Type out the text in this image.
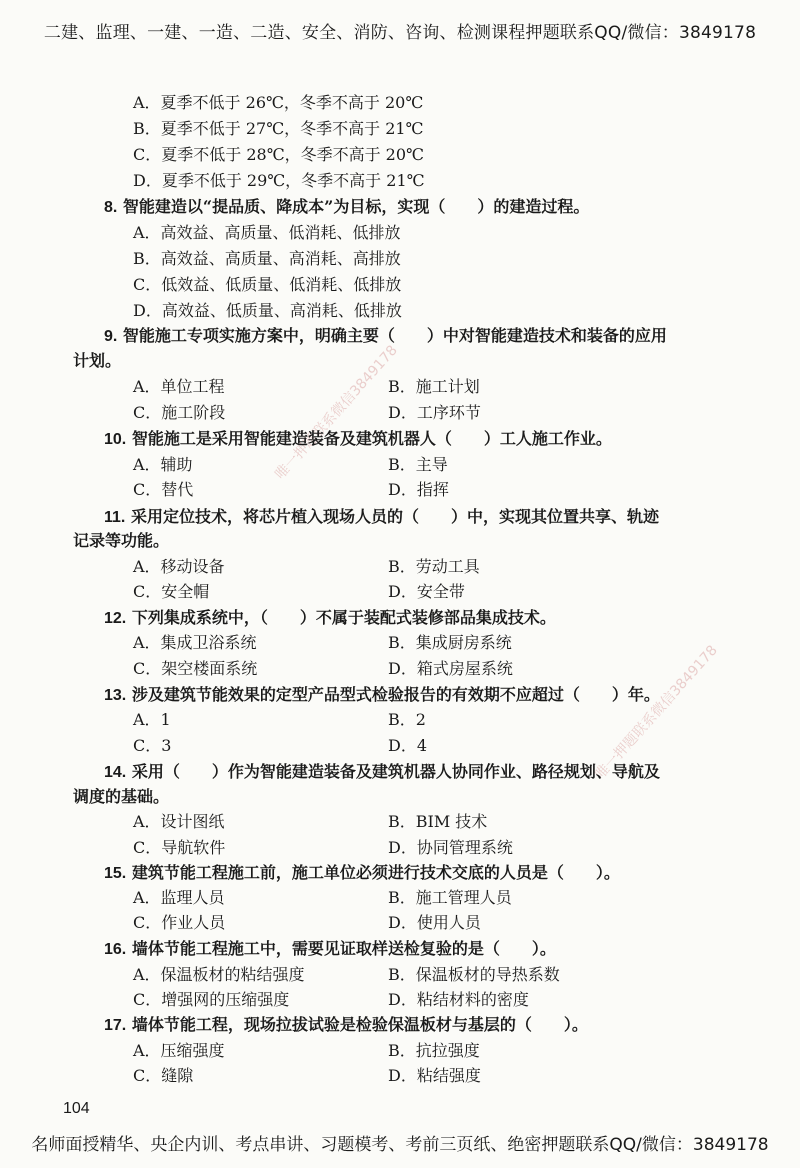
二建、监理、一建、一造、二造、安全、消防、咨询、检测课程押题联系QQ/微信：3849178
唯一押题联系微信3849178
唯一押题联系微信3849178
A．夏季不低于 26℃，冬季不高于 20℃
B．夏季不低于 27℃，冬季不高于 21℃
C．夏季不低于 28℃，冬季不高于 20℃
D．夏季不低于 29℃，冬季不高于 21℃
8. 智能建造以“提品质、降成本”为目标，实现（　　）的建造过程。
A．高效益、高质量、低消耗、低排放
B．高效益、高质量、高消耗、高排放
C．低效益、低质量、低消耗、低排放
D．高效益、低质量、高消耗、低排放
9. 智能施工专项实施方案中，明确主要（　　）中对智能建造技术和装备的应用
计划。
A．单位工程	B．施工计划
C．施工阶段	D．工序环节
10. 智能施工是采用智能建造装备及建筑机器人（　　）工人施工作业。
A．辅助	B．主导
C．替代	D．指挥
11. 采用定位技术，将芯片植入现场人员的（　　）中，实现其位置共享、轨迹
记录等功能。
A．移动设备	B．劳动工具
C．安全帽	D．安全带
12. 下列集成系统中，（　　）不属于装配式装修部品集成技术。
A．集成卫浴系统	B．集成厨房系统
C．架空楼面系统	D．箱式房屋系统
13. 涉及建筑节能效果的定型产品型式检验报告的有效期不应超过（　　）年。
A．1	B．2
C．3	D．4
14. 采用（　　）作为智能建造装备及建筑机器人协同作业、路径规划、导航及
调度的基础。
A．设计图纸	B．BIM 技术
C．导航软件	D．协同管理系统
15. 建筑节能工程施工前，施工单位必须进行技术交底的人员是（　　）。
A．监理人员	B．施工管理人员
C．作业人员	D．使用人员
16. 墙体节能工程施工中，需要见证取样送检复验的是（　　）。
A．保温板材的粘结强度	B．保温板材的导热系数
C．增强网的压缩强度	D．粘结材料的密度
17. 墙体节能工程，现场拉拔试验是检验保温板材与基层的（　　）。
A．压缩强度	B．抗拉强度
C．缝隙	D．粘结强度
104
名师面授精华、央企内训、考点串讲、习题模考、考前三页纸、绝密押题联系QQ/微信：3849178
